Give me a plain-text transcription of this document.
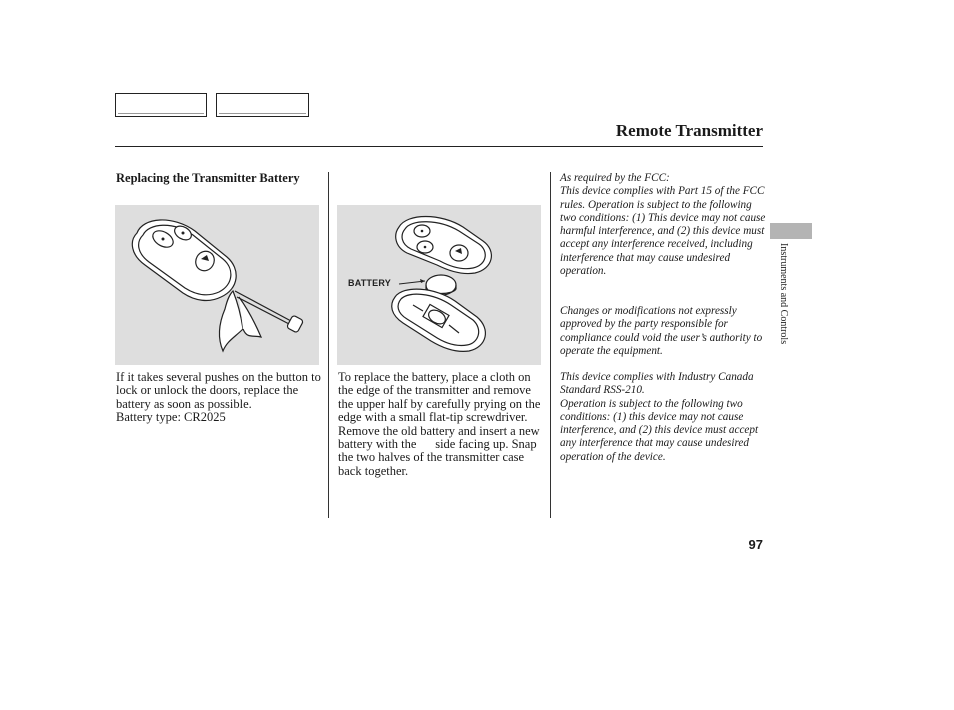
Remote Transmitter
Replacing the Transmitter Battery
BATTERY

If it takes several pushes on the button to lock or unlock the doors, replace the battery as soon as possible.

Battery type: CR2025

To replace the battery, place a cloth on the edge of the transmitter and remove the upper half by carefully prying on the edge with a small flat-tip screwdriver. Remove the old battery and insert a new battery with the      side facing up. Snap the two halves of the transmitter case back together.

As required by the FCC:

This device complies with Part 15 of the FCC rules. Operation is subject to the following two conditions: (1) This device may not cause harmful interference, and (2) this device must accept any interference received, including interference that may cause undesired operation.

Changes or modifications not expressly approved by the party responsible for compliance could void the user’s authority to operate the equipment.

This device complies with Industry Canada Standard RSS-210.

Operation is subject to the following two conditions: (1) this device may not cause interference, and (2) this device must accept any interference that may cause undesired operation of the device.

Instruments and Controls
97
